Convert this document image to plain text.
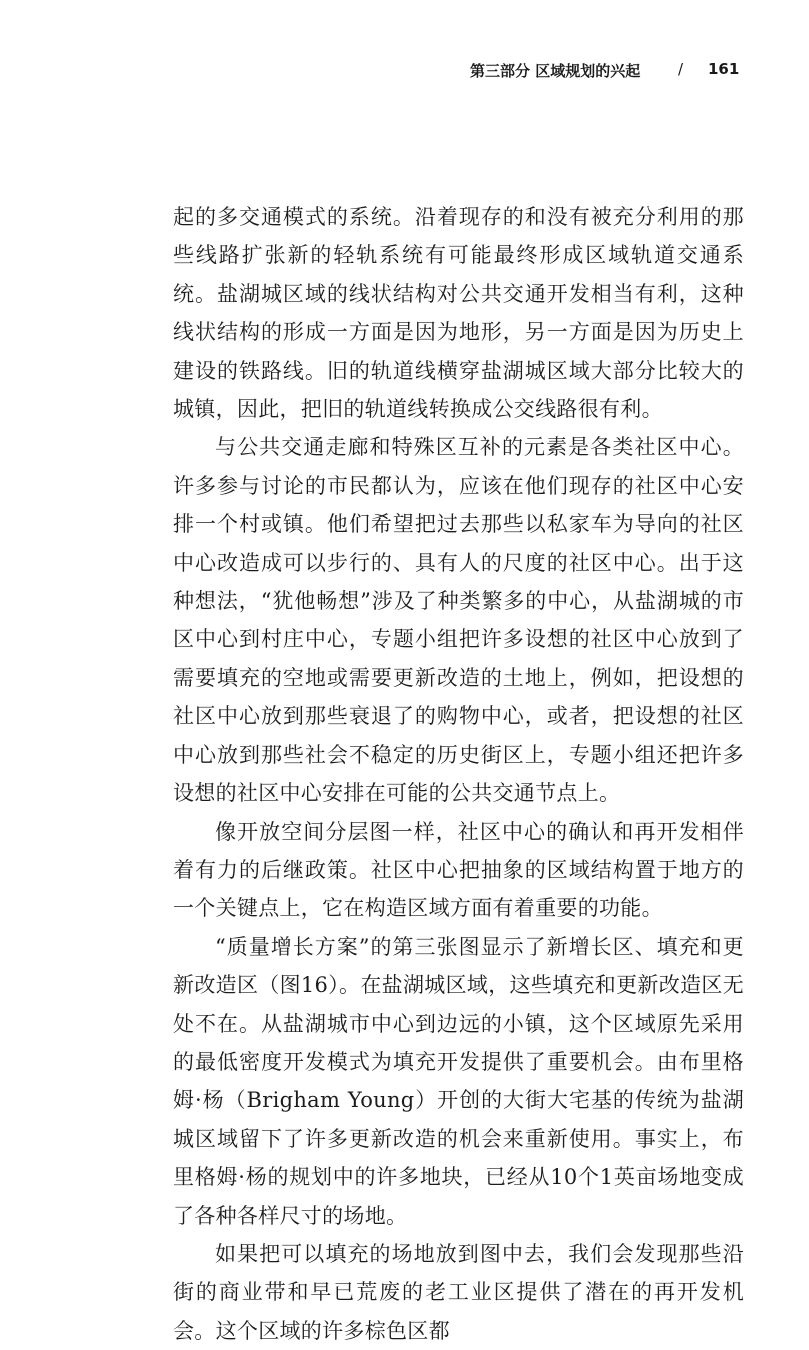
第三部分 区域规划的兴起	/ 161

起的多交通模式的系统。沿着现存的和没有被充分利用的那些线路扩张新的轻轨系统有可能最终形成区域轨道交通系统。盐湖城区域的线状结构对公共交通开发相当有利，这种线状结构的形成一方面是因为地形，另一方面是因为历史上建设的铁路线。旧的轨道线横穿盐湖城区域大部分比较大的城镇，因此，把旧的轨道线转换成公交线路很有利。

与公共交通走廊和特殊区互补的元素是各类社区中心。许多参与讨论的市民都认为，应该在他们现存的社区中心安排一个村或镇。他们希望把过去那些以私家车为导向的社区中心改造成可以步行的、具有人的尺度的社区中心。出于这种想法，“犹他畅想”涉及了种类繁多的中心，从盐湖城的市区中心到村庄中心，专题小组把许多设想的社区中心放到了需要填充的空地或需要更新改造的土地上，例如，把设想的社区中心放到那些衰退了的购物中心，或者，把设想的社区中心放到那些社会不稳定的历史街区上，专题小组还把许多设想的社区中心安排在可能的公共交通节点上。

像开放空间分层图一样，社区中心的确认和再开发相伴着有力的后继政策。社区中心把抽象的区域结构置于地方的一个关键点上，它在构造区域方面有着重要的功能。

“质量增长方案”的第三张图显示了新增长区、填充和更新改造区（图16）。在盐湖城区域，这些填充和更新改造区无处不在。从盐湖城市中心到边远的小镇，这个区域原先采用的最低密度开发模式为填充开发提供了重要机会。由布里格姆·杨（Brigham Young）开创的大街大宅基的传统为盐湖城区域留下了许多更新改造的机会来重新使用。事实上，布里格姆·杨的规划中的许多地块，已经从10个1英亩场地变成了各种各样尺寸的场地。

如果把可以填充的场地放到图中去，我们会发现那些沿街的商业带和早已荒废的老工业区提供了潜在的再开发机会。这个区域的许多棕色区都
